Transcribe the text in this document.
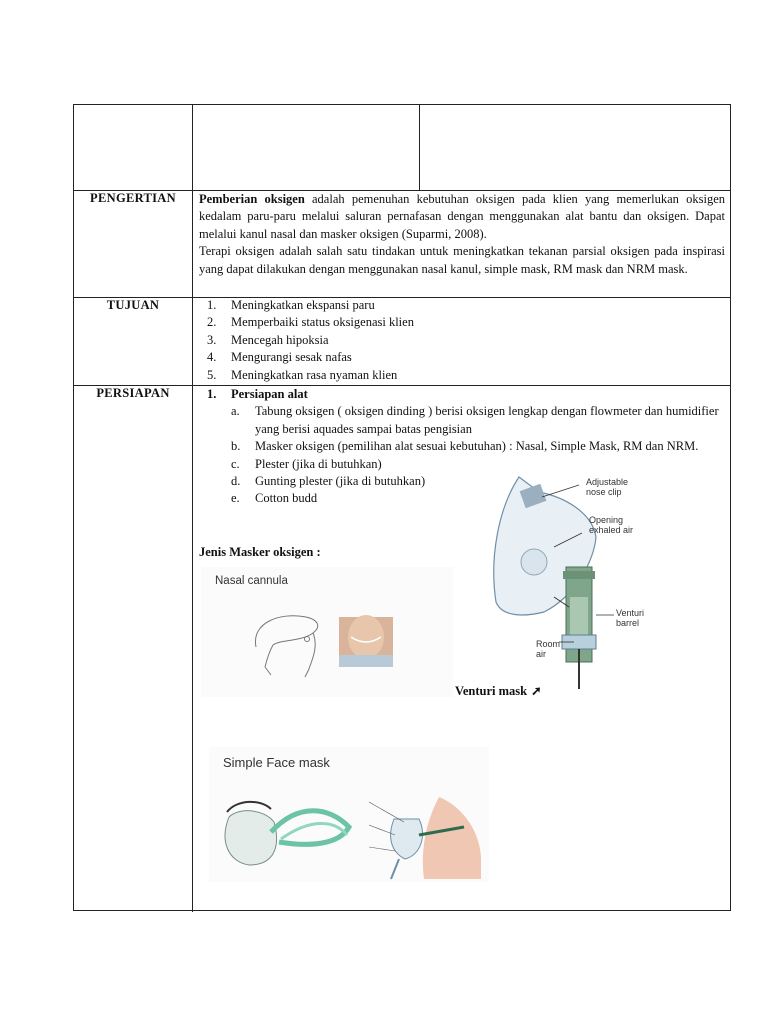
PENGERTIAN	Pemberian oksigen adalah pemenuhan kebutuhan oksigen pada klien yang memerlukan oksigen kedalam paru-paru melalui saluran pernafasan dengan menggunakan alat bantu dan oksigen. Dapat melalui kanul nasal dan masker oksigen (Suparmi, 2008).
Terapi oksigen adalah salah satu tindakan untuk meningkatkan tekanan parsial oksigen pada inspirasi yang dapat dilakukan dengan menggunakan nasal kanul, simple mask, RM mask dan NRM mask.
TUJUAN	1.	Meningkatkan ekspansi paru
2.	Memperbaiki status oksigenasi klien
3.	Mencegah hipoksia
4.	Mengurangi sesak nafas
5.	Meningkatkan rasa nyaman klien
PERSIAPAN	1.	Persiapan alat
a.	Tabung oksigen ( oksigen dinding ) berisi oksigen lengkap dengan flowmeter dan humidifier yang berisi aquades sampai batas pengisian
b.	Masker oksigen (pemilihan alat sesuai kebutuhan) : Nasal, Simple Mask, RM dan NRM.
c.	Plester (jika di butuhkan)
d.	Gunting plester (jika di butuhkan)
e.	Cotton budd
Jenis Masker oksigen :
Nasal cannula
Adjustable
nose clip
Opening
exhaled air
Venturi
barrel
Room
air
Venturi mask ➚
Simple Face mask
